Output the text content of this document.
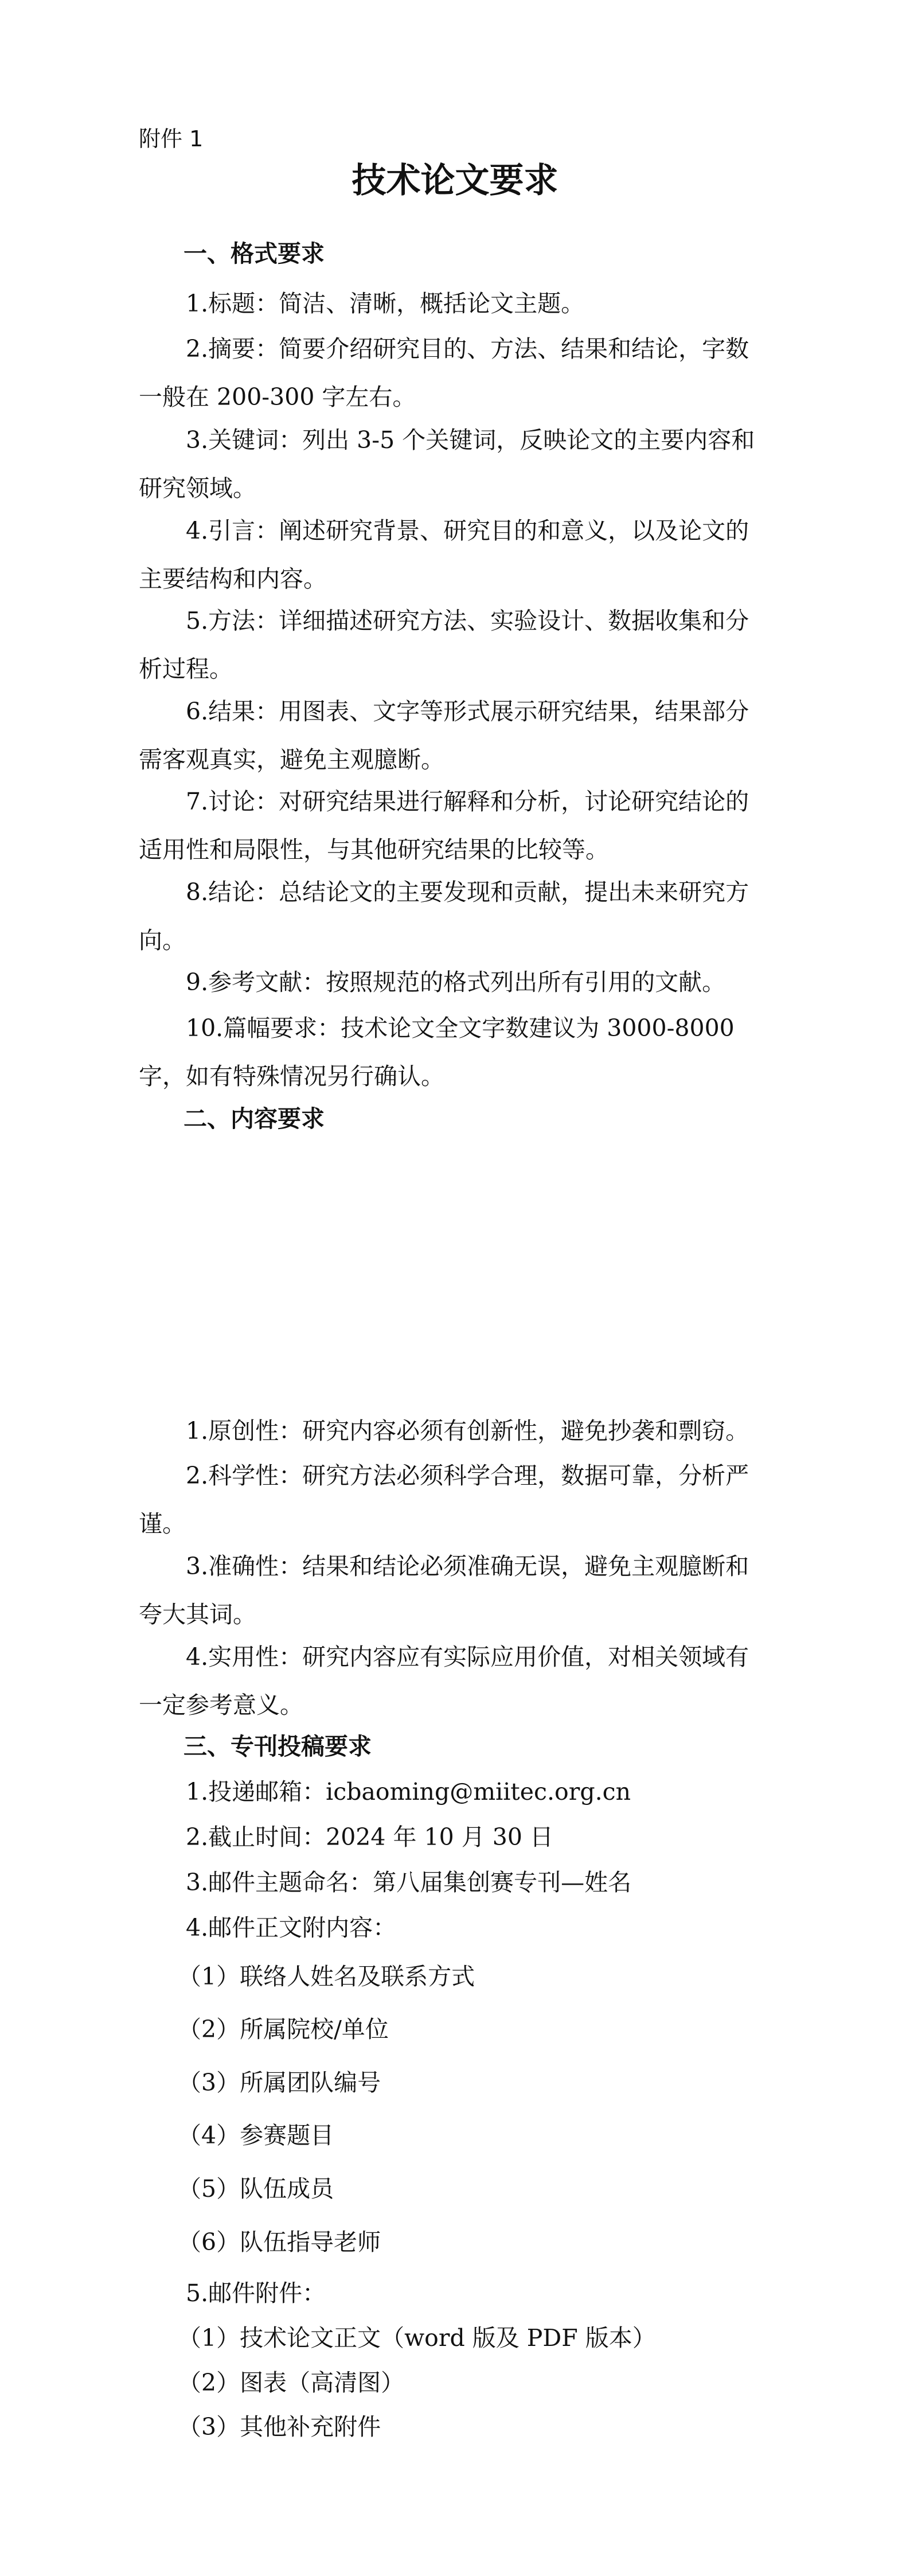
附件 1
技术论文要求
一、格式要求
1.标题：简洁、清晰，概括论文主题。
2.摘要：简要介绍研究目的、方法、结果和结论，字数一般在 200-300 字左右。
3.关键词：列出 3-5 个关键词，反映论文的主要内容和研究领域。
4.引言：阐述研究背景、研究目的和意义，以及论文的主要结构和内容。
5.方法：详细描述研究方法、实验设计、数据收集和分析过程。
6.结果：用图表、文字等形式展示研究结果，结果部分需客观真实，避免主观臆断。
7.讨论：对研究结果进行解释和分析，讨论研究结论的适用性和局限性，与其他研究结果的比较等。
8.结论：总结论文的主要发现和贡献，提出未来研究方向。
9.参考文献：按照规范的格式列出所有引用的文献。
10.篇幅要求：技术论文全文字数建议为 3000-8000 字，如有特殊情况另行确认。
二、内容要求
1.原创性：研究内容必须有创新性，避免抄袭和剽窃。
2.科学性：研究方法必须科学合理，数据可靠，分析严谨。
3.准确性：结果和结论必须准确无误，避免主观臆断和夸大其词。
4.实用性：研究内容应有实际应用价值，对相关领域有一定参考意义。
三、专刊投稿要求
1.投递邮箱：icbaoming@miitec.org.cn
2.截止时间：2024 年 10 月 30 日
3.邮件主题命名：第八届集创赛专刊—姓名
4.邮件正文附内容：
（1）联络人姓名及联系方式
（2）所属院校/单位
（3）所属团队编号
（4）参赛题目
（5）队伍成员
（6）队伍指导老师
5.邮件附件：
（1）技术论文正文（word 版及 PDF 版本）
（2）图表（高清图）
（3）其他补充附件
